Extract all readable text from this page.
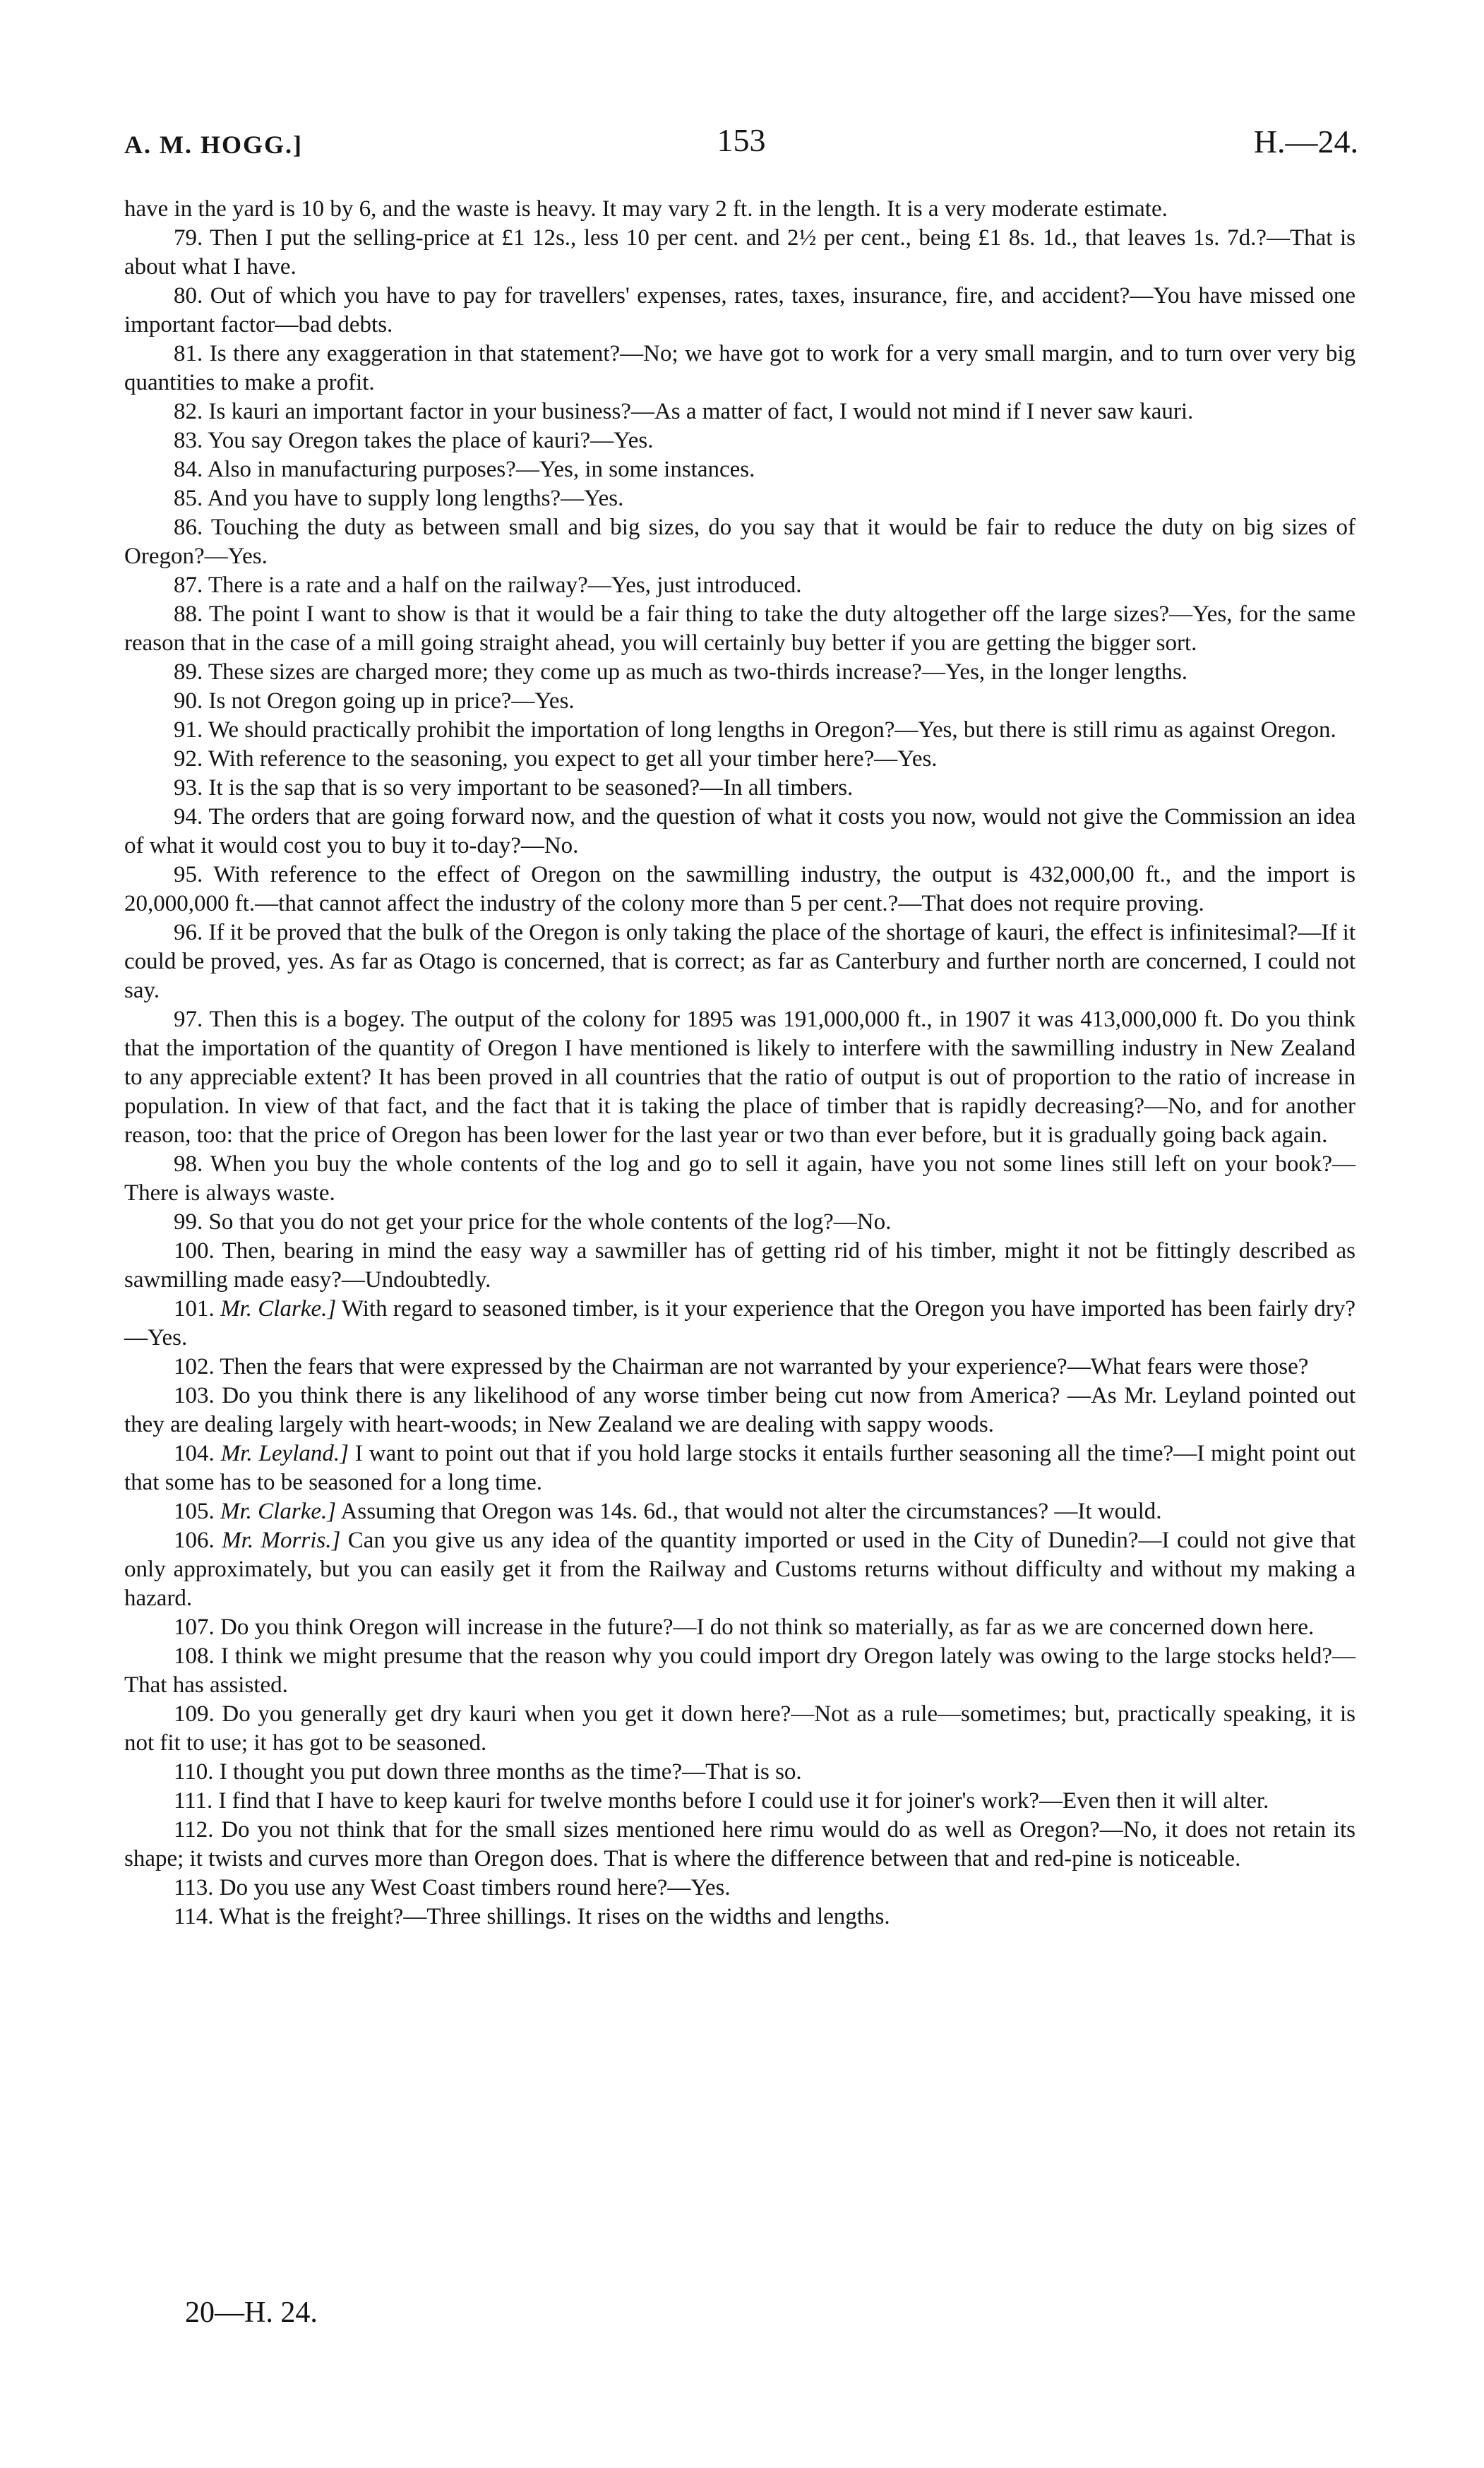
A. M. HOGG.]	153	H.—24.

have in the yard is 10 by 6, and the waste is heavy. It may vary 2 ft. in the length. It is a very moderate estimate.

79. Then I put the selling-price at £1 12s., less 10 per cent. and 2½ per cent., being £1 8s. 1d., that leaves 1s. 7d.?—That is about what I have.

80. Out of which you have to pay for travellers' expenses, rates, taxes, insurance, fire, and accident?—You have missed one important factor—bad debts.

81. Is there any exaggeration in that statement?—No; we have got to work for a very small margin, and to turn over very big quantities to make a profit.

82. Is kauri an important factor in your business?—As a matter of fact, I would not mind if I never saw kauri.

83. You say Oregon takes the place of kauri?—Yes.

84. Also in manufacturing purposes?—Yes, in some instances.

85. And you have to supply long lengths?—Yes.

86. Touching the duty as between small and big sizes, do you say that it would be fair to reduce the duty on big sizes of Oregon?—Yes.

87. There is a rate and a half on the railway?—Yes, just introduced.

88. The point I want to show is that it would be a fair thing to take the duty altogether off the large sizes?—Yes, for the same reason that in the case of a mill going straight ahead, you will certainly buy better if you are getting the bigger sort.

89. These sizes are charged more; they come up as much as two-thirds increase?—Yes, in the longer lengths.

90. Is not Oregon going up in price?—Yes.

91. We should practically prohibit the importation of long lengths in Oregon?—Yes, but there is still rimu as against Oregon.

92. With reference to the seasoning, you expect to get all your timber here?—Yes.

93. It is the sap that is so very important to be seasoned?—In all timbers.

94. The orders that are going forward now, and the question of what it costs you now, would not give the Commission an idea of what it would cost you to buy it to-day?—No.

95. With reference to the effect of Oregon on the sawmilling industry, the output is 432,000,00 ft., and the import is 20,000,000 ft.—that cannot affect the industry of the colony more than 5 per cent.?—That does not require proving.

96. If it be proved that the bulk of the Oregon is only taking the place of the shortage of kauri, the effect is infinitesimal?—If it could be proved, yes. As far as Otago is concerned, that is correct; as far as Canterbury and further north are concerned, I could not say.

97. Then this is a bogey. The output of the colony for 1895 was 191,000,000 ft., in 1907 it was 413,000,000 ft. Do you think that the importation of the quantity of Oregon I have mentioned is likely to interfere with the sawmilling industry in New Zealand to any appreciable extent? It has been proved in all countries that the ratio of output is out of proportion to the ratio of increase in population. In view of that fact, and the fact that it is taking the place of timber that is rapidly decreasing?—No, and for another reason, too: that the price of Oregon has been lower for the last year or two than ever before, but it is gradually going back again.

98. When you buy the whole contents of the log and go to sell it again, have you not some lines still left on your book?—There is always waste.

99. So that you do not get your price for the whole contents of the log?—No.

100. Then, bearing in mind the easy way a sawmiller has of getting rid of his timber, might it not be fittingly described as sawmilling made easy?—Undoubtedly.

101. Mr. Clarke.] With regard to seasoned timber, is it your experience that the Oregon you have imported has been fairly dry?—Yes.

102. Then the fears that were expressed by the Chairman are not warranted by your experience?—What fears were those?

103. Do you think there is any likelihood of any worse timber being cut now from America? —As Mr. Leyland pointed out they are dealing largely with heart-woods; in New Zealand we are dealing with sappy woods.

104. Mr. Leyland.] I want to point out that if you hold large stocks it entails further seasoning all the time?—I might point out that some has to be seasoned for a long time.

105. Mr. Clarke.] Assuming that Oregon was 14s. 6d., that would not alter the circumstances? —It would.

106. Mr. Morris.] Can you give us any idea of the quantity imported or used in the City of Dunedin?—I could not give that only approximately, but you can easily get it from the Railway and Customs returns without difficulty and without my making a hazard.

107. Do you think Oregon will increase in the future?—I do not think so materially, as far as we are concerned down here.

108. I think we might presume that the reason why you could import dry Oregon lately was owing to the large stocks held?—That has assisted.

109. Do you generally get dry kauri when you get it down here?—Not as a rule—sometimes; but, practically speaking, it is not fit to use; it has got to be seasoned.

110. I thought you put down three months as the time?—That is so.

111. I find that I have to keep kauri for twelve months before I could use it for joiner's work?—Even then it will alter.

112. Do you not think that for the small sizes mentioned here rimu would do as well as Oregon?—No, it does not retain its shape; it twists and curves more than Oregon does. That is where the difference between that and red-pine is noticeable.

113. Do you use any West Coast timbers round here?—Yes.

114. What is the freight?—Three shillings. It rises on the widths and lengths.

20—H. 24.
